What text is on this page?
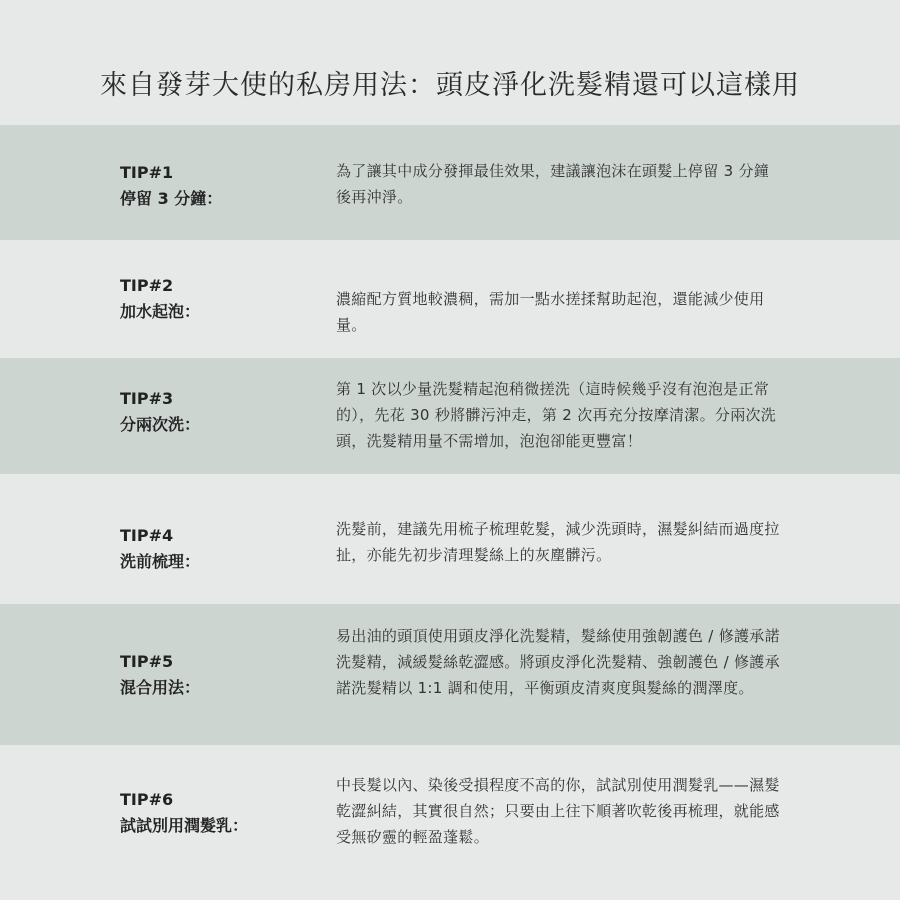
來自發芽大使的私房用法：頭皮淨化洗髮精還可以這樣用
TIP#1
停留 3 分鐘：
為了讓其中成分發揮最佳效果，建議讓泡沫在頭髮上停留 3 分鐘後再沖淨。
TIP#2
加水起泡：
濃縮配方質地較濃稠，需加一點水搓揉幫助起泡，還能減少使用量。
TIP#3
分兩次洗：
第 1 次以少量洗髮精起泡稍微搓洗（這時候幾乎沒有泡泡是正常的），先花 30 秒將髒污沖走，第 2 次再充分按摩清潔。分兩次洗頭，洗髮精用量不需增加，泡泡卻能更豐富！
TIP#4
洗前梳理：
洗髮前，建議先用梳子梳理乾髮，減少洗頭時，濕髮糾結而過度拉扯，亦能先初步清理髮絲上的灰塵髒污。
TIP#5
混合用法：
易出油的頭頂使用頭皮淨化洗髮精，髮絲使用強韌護色 / 修護承諾洗髮精，減緩髮絲乾澀感。將頭皮淨化洗髮精、強韌護色 / 修護承諾洗髮精以 1:1 調和使用，平衡頭皮清爽度與髮絲的潤澤度。
TIP#6
試試別用潤髮乳：
中長髮以內、染後受損程度不高的你，試試別使用潤髮乳——濕髮乾澀糾結，其實很自然；只要由上往下順著吹乾後再梳理，就能感受無矽靈的輕盈蓬鬆。
